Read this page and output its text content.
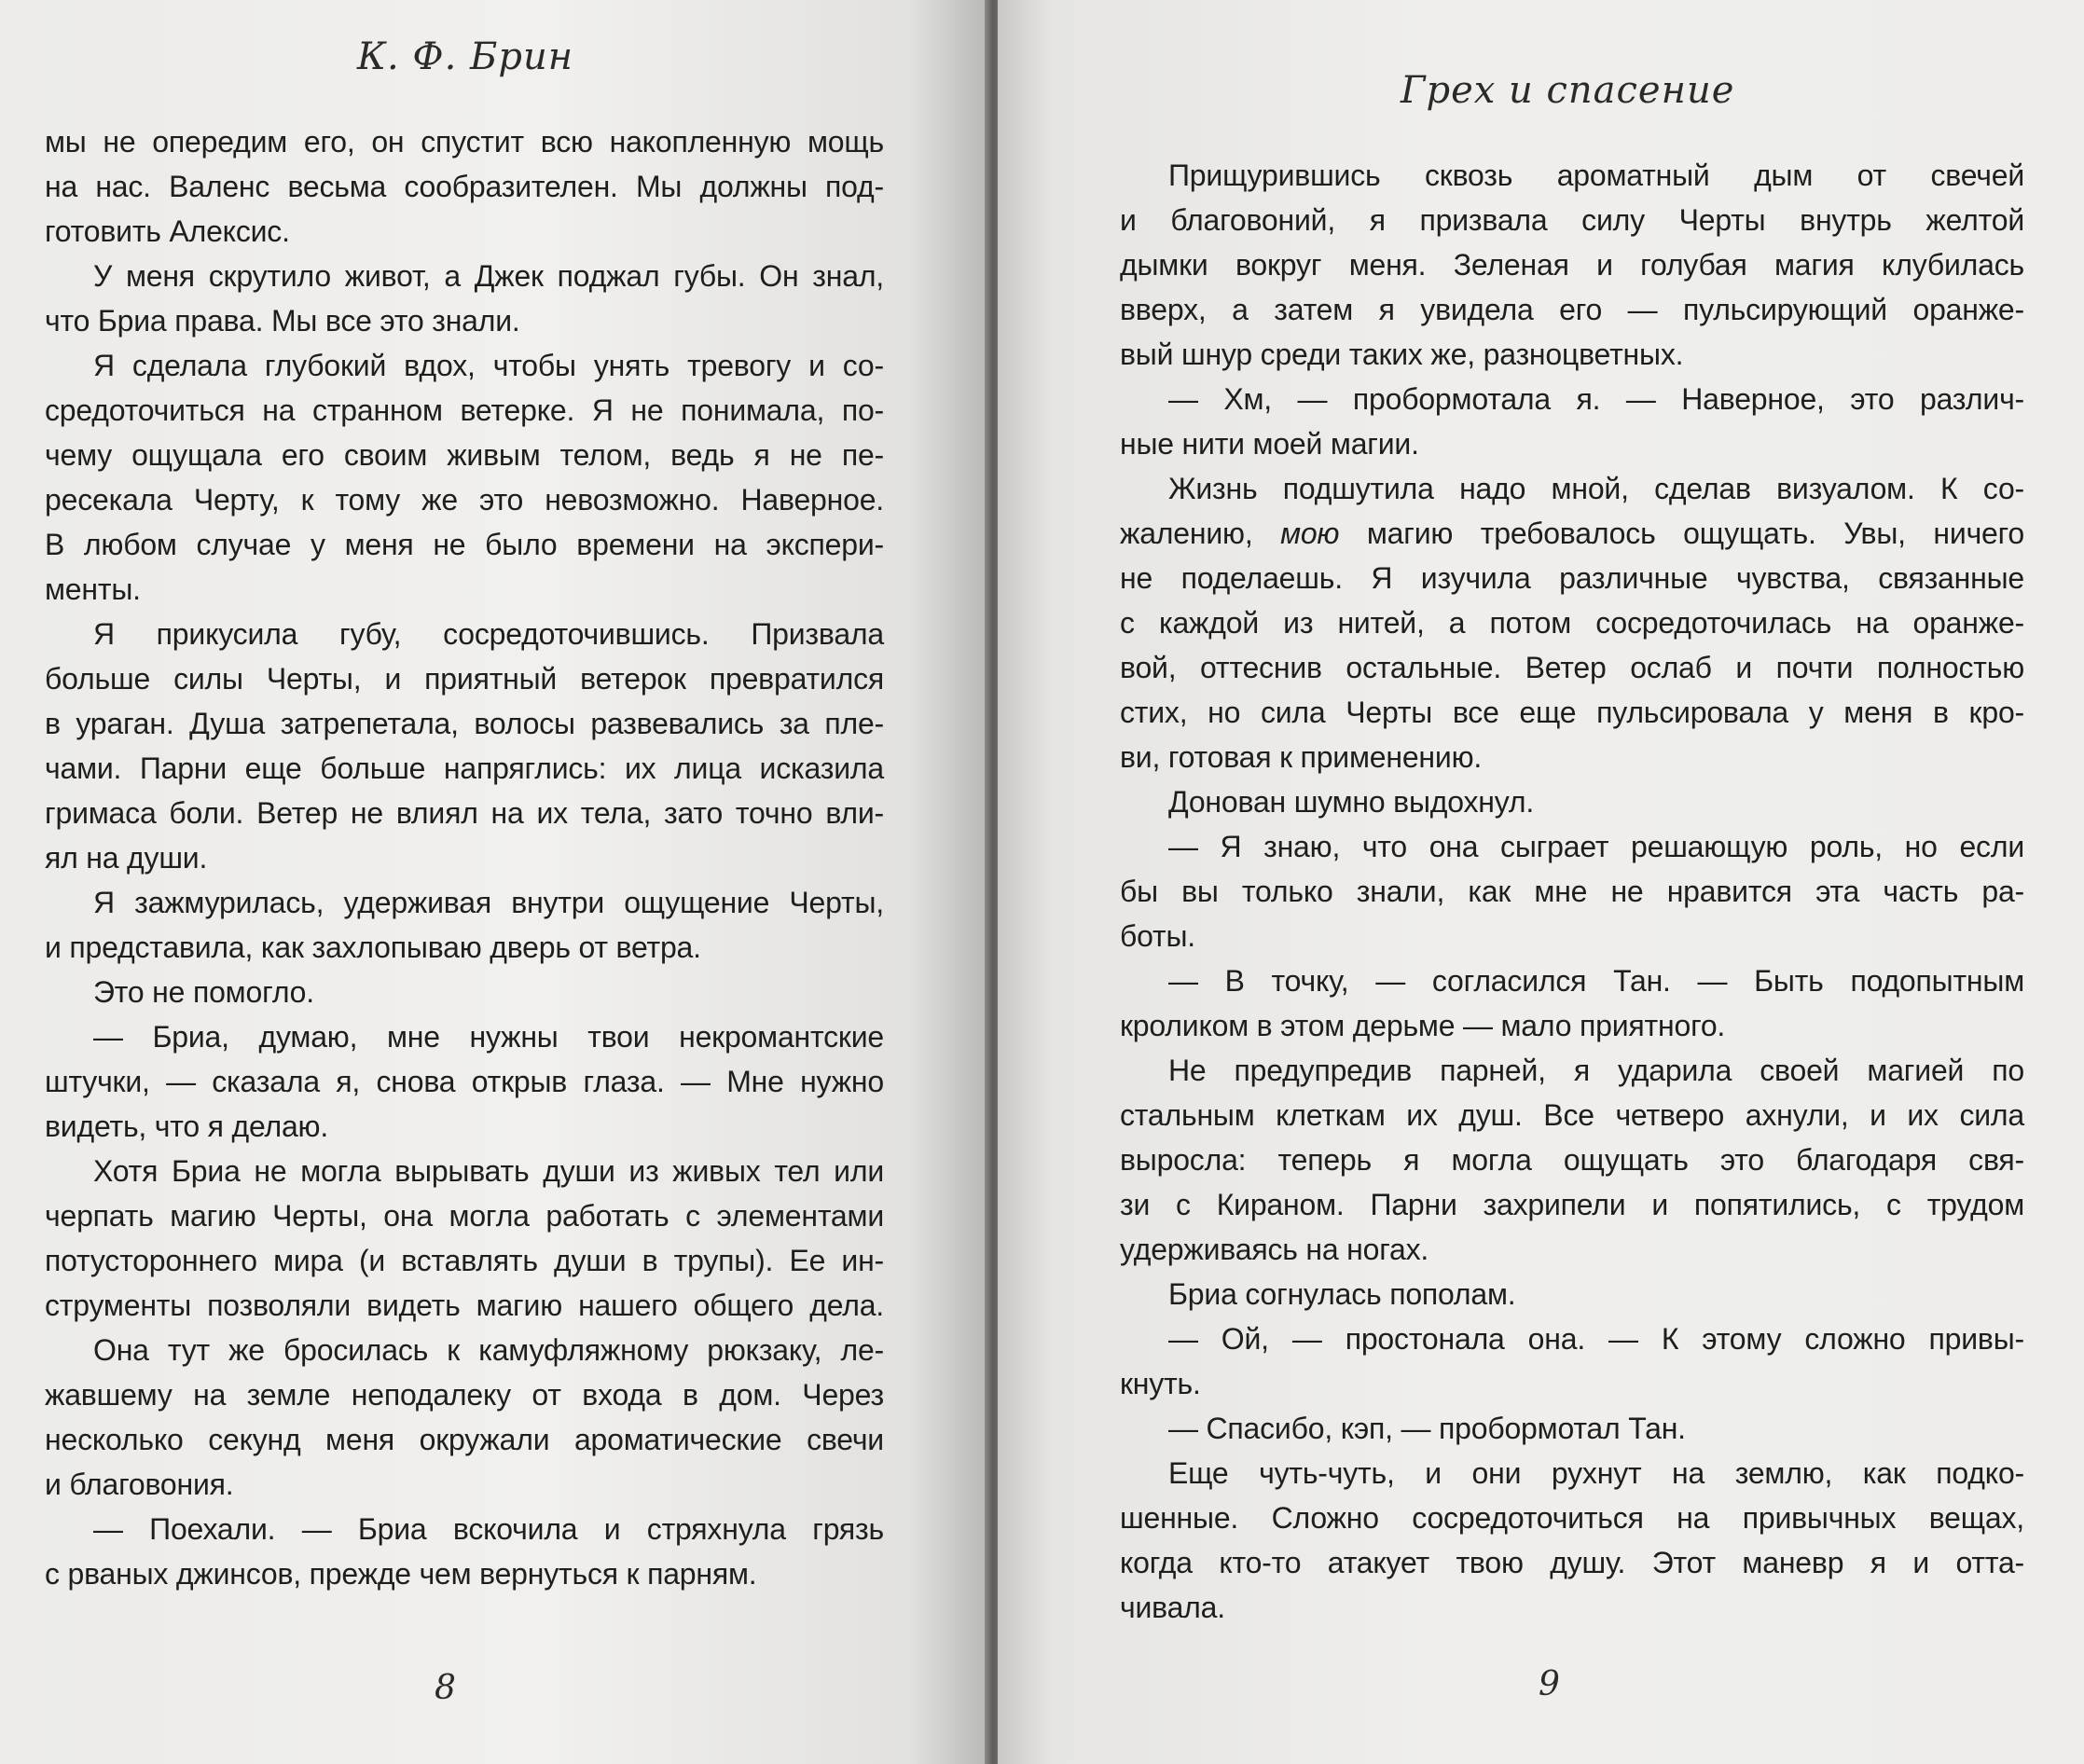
К. Ф. Брин
мы не опередим его, он спустит всю накопленную мощь
на нас. Валенс весьма сообразителен. Мы должны под-
готовить Алексис.
У меня скрутило живот, а Джек поджал губы. Он знал,
что Бриа права. Мы все это знали.
Я сделала глубокий вдох, чтобы унять тревогу и со-
средоточиться на странном ветерке. Я не понимала, по-
чему ощущала его своим живым телом, ведь я не пе-
ресекала Черту, к тому же это невозможно. Наверное.
В любом случае у меня не было времени на экспери-
менты.
Я прикусила губу, сосредоточившись. Призвала
больше силы Черты, и приятный ветерок превратился
в ураган. Душа затрепетала, волосы развевались за пле-
чами. Парни еще больше напряглись: их лица исказила
гримаса боли. Ветер не влиял на их тела, зато точно вли-
ял на души.
Я зажмурилась, удерживая внутри ощущение Черты,
и представила, как захлопываю дверь от ветра.
Это не помогло.
— Бриа, думаю, мне нужны твои некромантские
штучки, — сказала я, снова открыв глаза. — Мне нужно
видеть, что я делаю.
Хотя Бриа не могла вырывать души из живых тел или
черпать магию Черты, она могла работать с элементами
потустороннего мира (и вставлять души в трупы). Ее ин-
струменты позволяли видеть магию нашего общего дела.
Она тут же бросилась к камуфляжному рюкзаку, ле-
жавшему на земле неподалеку от входа в дом. Через
несколько секунд меня окружали ароматические свечи
и благовония.
— Поехали. — Бриа вскочила и стряхнула грязь
с рваных джинсов, прежде чем вернуться к парням.
8
Грех и спасение
Прищурившись сквозь ароматный дым от свечей
и благовоний, я призвала силу Черты внутрь желтой
дымки вокруг меня. Зеленая и голубая магия клубилась
вверх, а затем я увидела его — пульсирующий оранже-
вый шнур среди таких же, разноцветных.
— Хм, — пробормотала я. — Наверное, это различ-
ные нити моей магии.
Жизнь подшутила надо мной, сделав визуалом. К со-
жалению, мою магию требовалось ощущать. Увы, ничего
не поделаешь. Я изучила различные чувства, связанные
с каждой из нитей, а потом сосредоточилась на оранже-
вой, оттеснив остальные. Ветер ослаб и почти полностью
стих, но сила Черты все еще пульсировала у меня в кро-
ви, готовая к применению.
Донован шумно выдохнул.
— Я знаю, что она сыграет решающую роль, но если
бы вы только знали, как мне не нравится эта часть ра-
боты.
— В точку, — согласился Тан. — Быть подопытным
кроликом в этом дерьме — мало приятного.
Не предупредив парней, я ударила своей магией по
стальным клеткам их душ. Все четверо ахнули, и их сила
выросла: теперь я могла ощущать это благодаря свя-
зи с Кираном. Парни захрипели и попятились, с трудом
удерживаясь на ногах.
Бриа согнулась пополам.
— Ой, — простонала она. — К этому сложно привы-
кнуть.
— Спасибо, кэп, — пробормотал Тан.
Еще чуть-чуть, и они рухнут на землю, как подко-
шенные. Сложно сосредоточиться на привычных вещах,
когда кто-то атакует твою душу. Этот маневр я и отта-
чивала.
9
